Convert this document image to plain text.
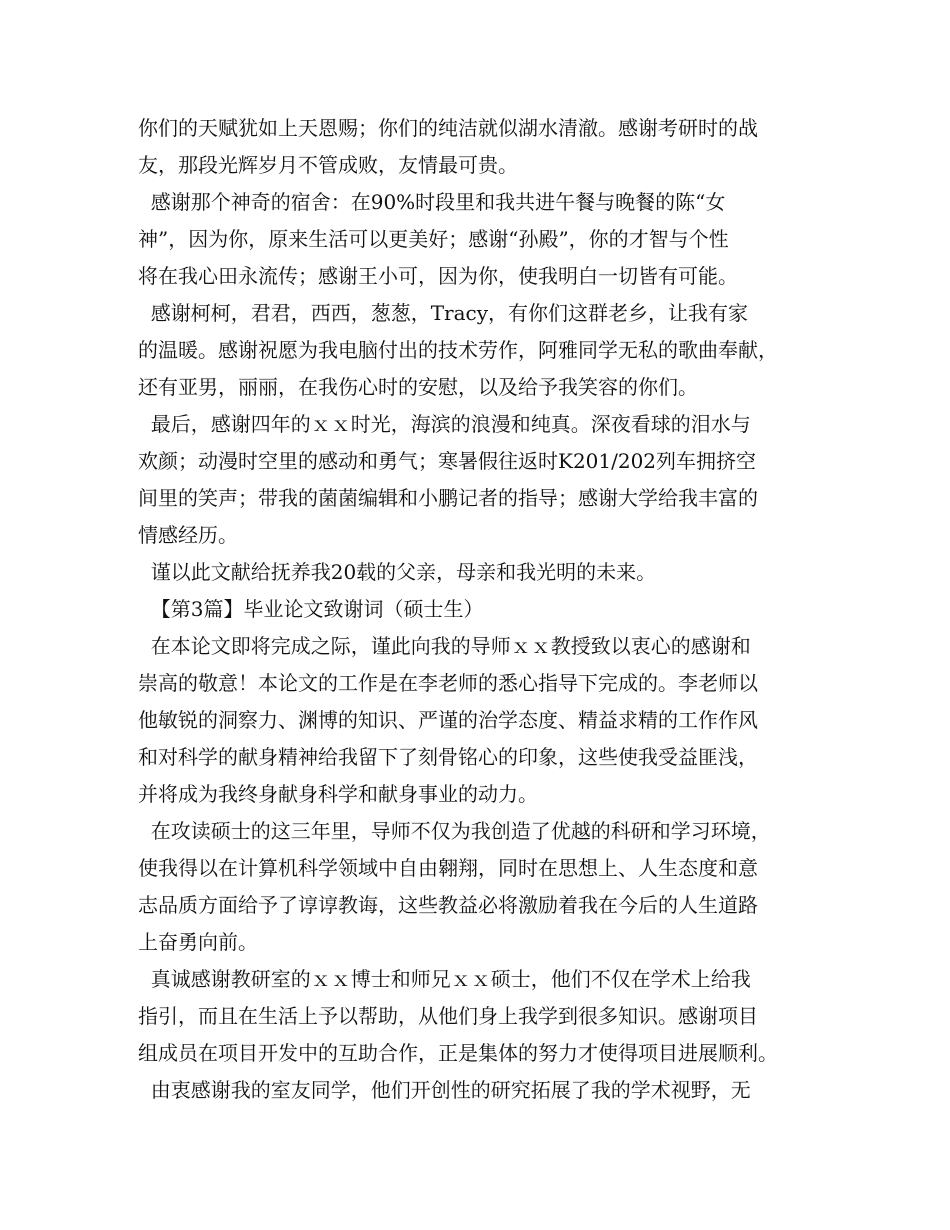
你们的天赋犹如上天恩赐；你们的纯洁就似湖水清澈。感谢考研时的战
友，那段光辉岁月不管成败，友情最可贵。
感谢那个神奇的宿舍：在90%时段里和我共进午餐与晚餐的陈“女
神”，因为你，原来生活可以更美好；感谢“孙殿”，你的才智与个性
将在我心田永流传；感谢王小可，因为你，使我明白一切皆有可能。
感谢柯柯，君君，西西，葱葱，Tracy，有你们这群老乡，让我有家
的温暖。感谢祝愿为我电脑付出的技术劳作，阿雅同学无私的歌曲奉献，
还有亚男，丽丽，在我伤心时的安慰，以及给予我笑容的你们。
最后，感谢四年的ｘｘ时光，海滨的浪漫和纯真。深夜看球的泪水与
欢颜；动漫时空里的感动和勇气；寒暑假往返时K201/202列车拥挤空
间里的笑声；带我的菌菌编辑和小鹏记者的指导；感谢大学给我丰富的
情感经历。
谨以此文献给抚养我20载的父亲，母亲和我光明的未来。
【第3篇】毕业论文致谢词（硕士生）
在本论文即将完成之际，谨此向我的导师ｘｘ教授致以衷心的感谢和
崇高的敬意！本论文的工作是在李老师的悉心指导下完成的。李老师以
他敏锐的洞察力、渊博的知识、严谨的治学态度、精益求精的工作作风
和对科学的献身精神给我留下了刻骨铭心的印象，这些使我受益匪浅，
并将成为我终身献身科学和献身事业的动力。
在攻读硕士的这三年里，导师不仅为我创造了优越的科研和学习环境，
使我得以在计算机科学领域中自由翱翔，同时在思想上、人生态度和意
志品质方面给予了谆谆教诲，这些教益必将激励着我在今后的人生道路
上奋勇向前。
真诚感谢教研室的ｘｘ博士和师兄ｘｘ硕士，他们不仅在学术上给我
指引，而且在生活上予以帮助，从他们身上我学到很多知识。感谢项目
组成员在项目开发中的互助合作，正是集体的努力才使得项目进展顺利。
由衷感谢我的室友同学，他们开创性的研究拓展了我的学术视野，无
